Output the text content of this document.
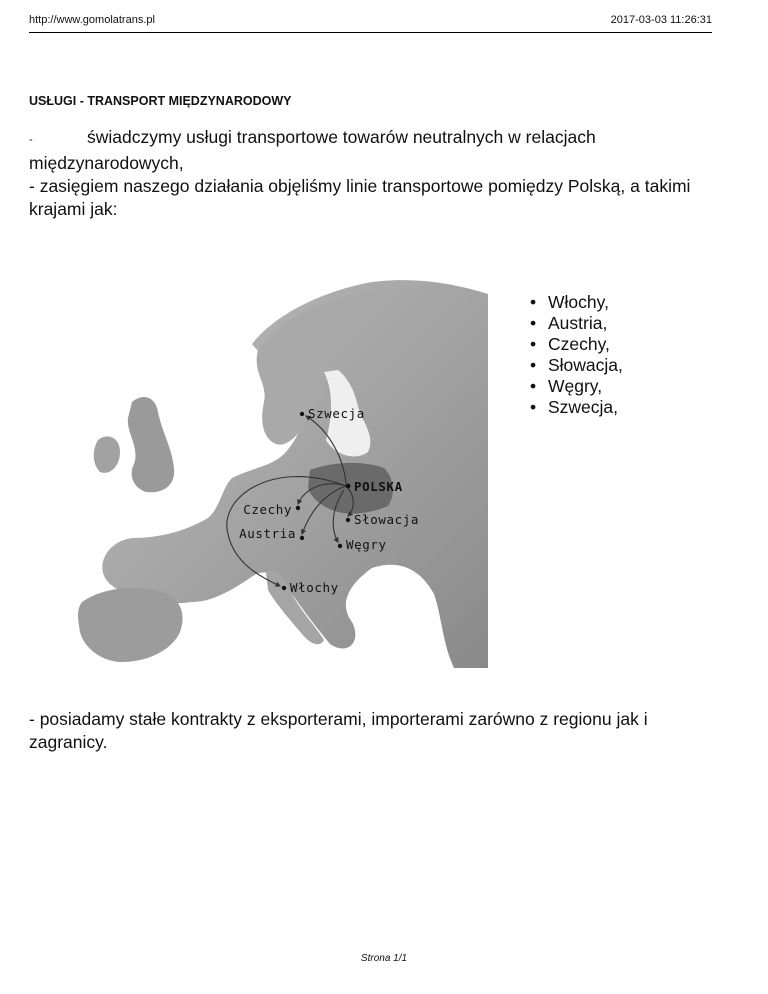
http://www.gomolatrans.pl	2017-03-03 11:26:31
USŁUGI - TRANSPORT MIĘDZYNARODOWY
-	świadczymy usługi transportowe towarów neutralnych w relacjach międzynarodowych,
- zasięgiem naszego działania objęliśmy linie transportowe pomiędzy Polską, a takimi krajami jak:
Szwecja
POLSKA
Czechy
Austria
Słowacja
Węgry
Włochy
• Włochy,
• Austria,
• Czechy,
• Słowacja,
• Węgry,
• Szwecja,
- posiadamy stałe kontrakty z eksporterami, importerami zarówno z regionu jak i zagranicy.
Strona 1/1
